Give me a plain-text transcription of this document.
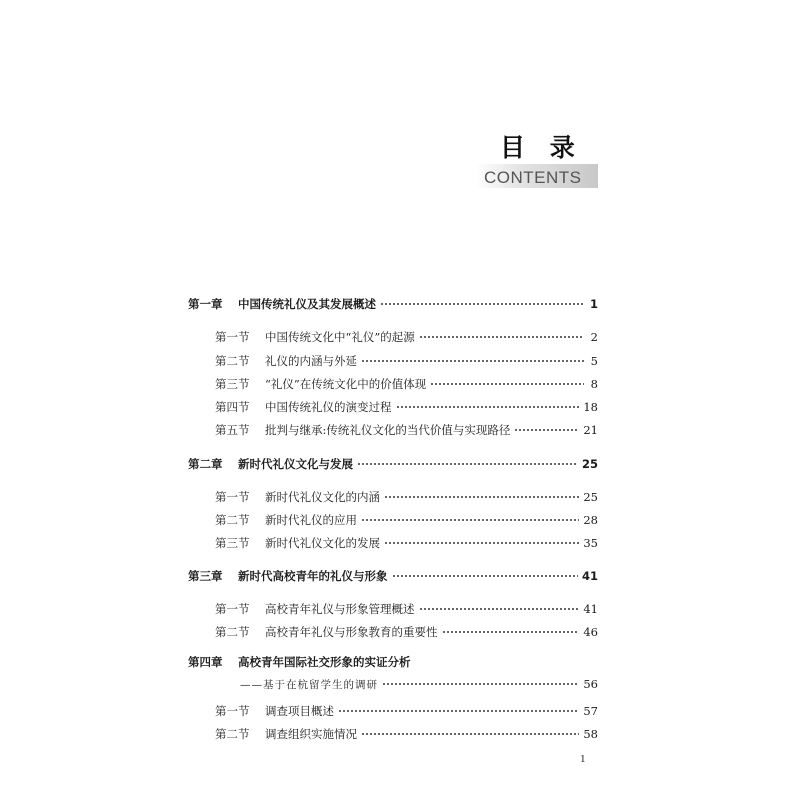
目 录
CONTENTS
第一章 中国传统礼仪及其发展概述	1
第一节 中国传统文化中“礼仪”的起源	2
第二节 礼仪的内涵与外延	5
第三节 “礼仪”在传统文化中的价值体现	8
第四节 中国传统礼仪的演变过程	18
第五节 批判与继承:传统礼仪文化的当代价值与实现路径	21
第二章 新时代礼仪文化与发展	25
第一节 新时代礼仪文化的内涵	25
第二节 新时代礼仪的应用	28
第三节 新时代礼仪文化的发展	35
第三章 新时代高校青年的礼仪与形象	41
第一节 高校青年礼仪与形象管理概述	41
第二节 高校青年礼仪与形象教育的重要性	46
第四章 高校青年国际社交形象的实证分析
——基于在杭留学生的调研	56
第一节 调查项目概述	57
第二节 调查组织实施情况	58
1
